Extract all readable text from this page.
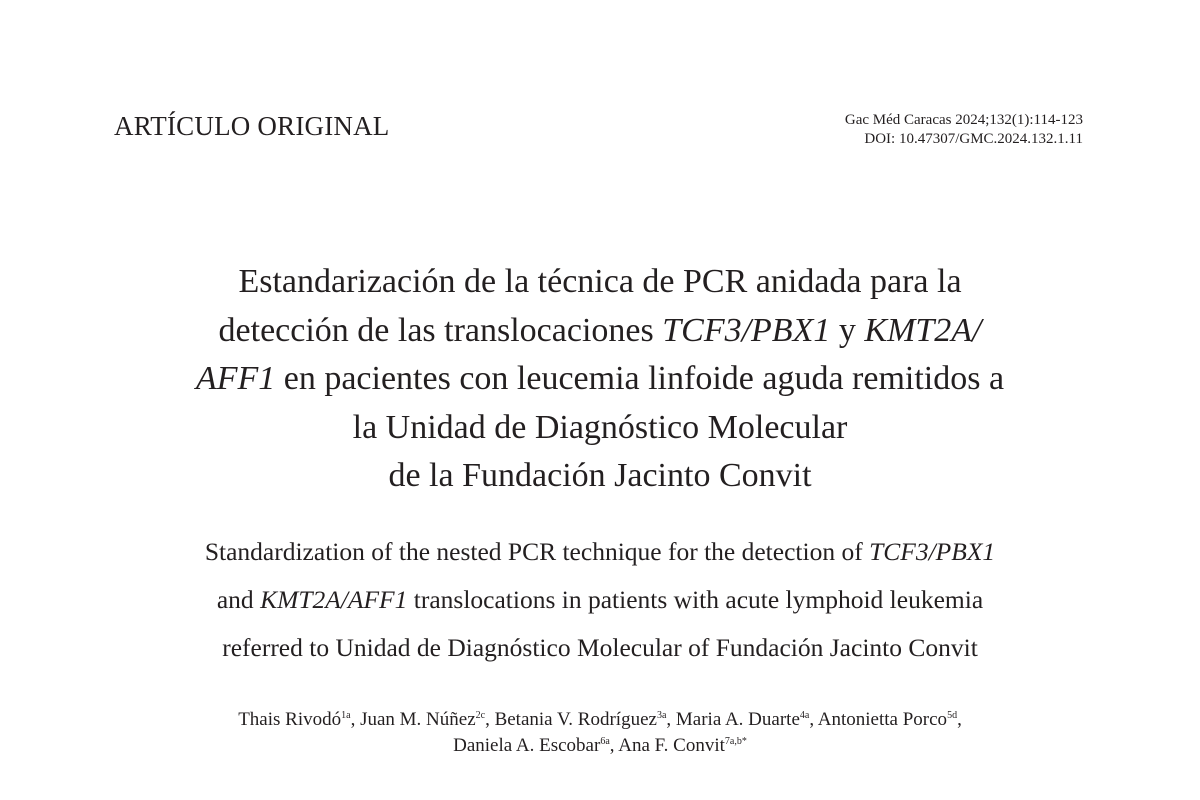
ARTÍCULO ORIGINAL	Gac Méd Caracas 2024;132(1):114-123
DOI: 10.47307/GMC.2024.132.1.11
Estandarización de la técnica de PCR anidada para la
detección de las translocaciones TCF3/PBX1 y KMT2A/
AFF1 en pacientes con leucemia linfoide aguda remitidos a
la Unidad de Diagnóstico Molecular
de la Fundación Jacinto Convit
Standardization of the nested PCR technique for the detection of TCF3/PBX1
and KMT2A/AFF1 translocations in patients with acute lymphoid leukemia
referred to Unidad de Diagnóstico Molecular of Fundación Jacinto Convit
Thais Rivodó$^{1a}$, Juan M. Núñez$^{2c}$, Betania V. Rodríguez$^{3a}$, Maria A. Duarte$^{4a}$, Antonietta Porco$^{5d}$,
Daniela A. Escobar$^{6a}$, Ana F. Convit$^{7a,b*}$
